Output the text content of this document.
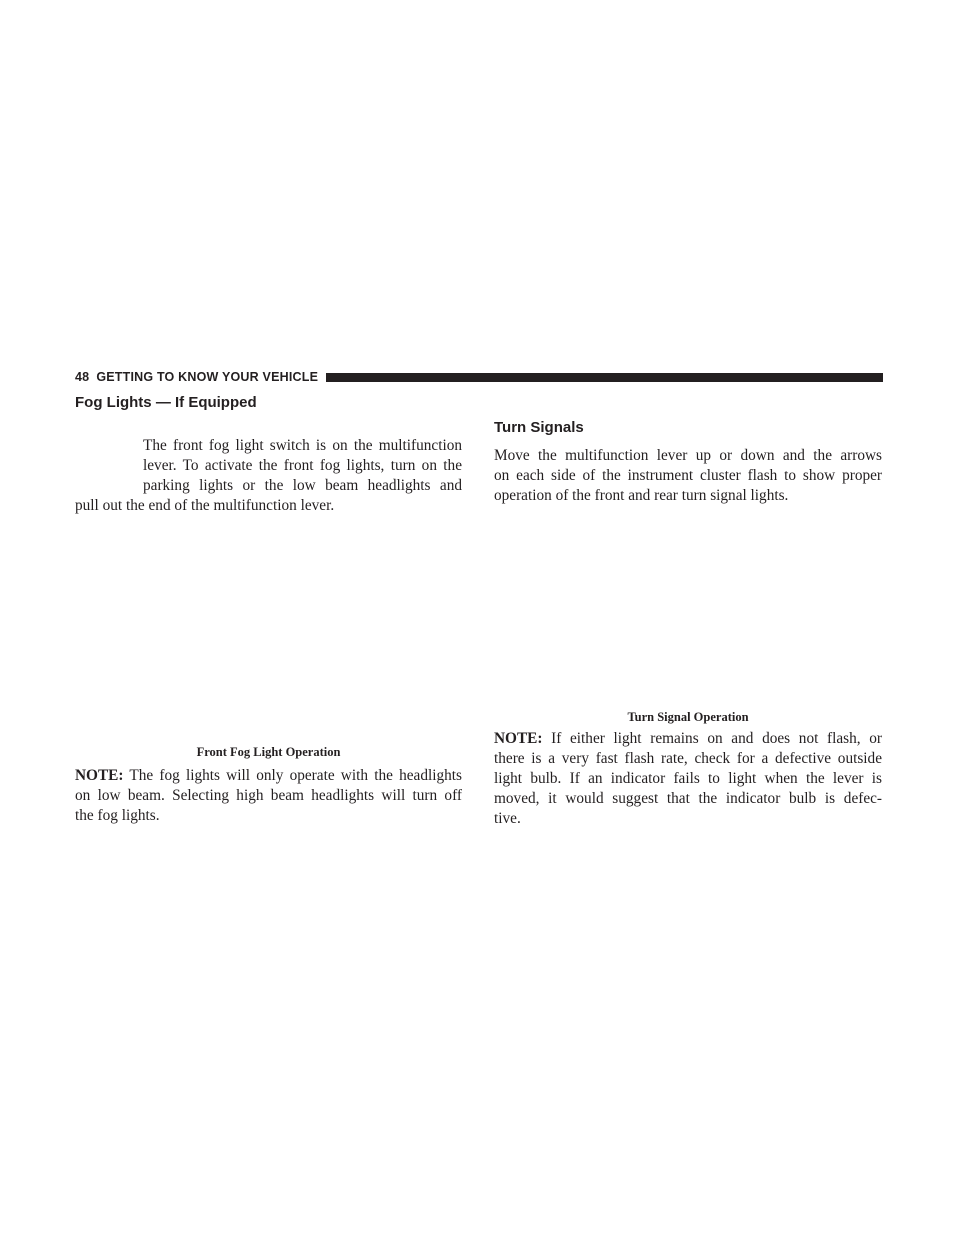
48 GETTING TO KNOW YOUR VEHICLE
Fog Lights — If Equipped
The front fog light switch is on the multifunction
lever. To activate the front fog lights, turn on the
parking lights or the low beam headlights and
pull out the end of the multifunction lever.
Front Fog Light Operation
NOTE: The fog lights will only operate with the headlights
on low beam. Selecting high beam headlights will turn off
the fog lights.
Turn Signals
Move the multifunction lever up or down and the arrows
on each side of the instrument cluster flash to show proper
operation of the front and rear turn signal lights.
Turn Signal Operation
NOTE: If either light remains on and does not flash, or
there is a very fast flash rate, check for a defective outside
light bulb. If an indicator fails to light when the lever is
moved, it would suggest that the indicator bulb is defec-
tive.
